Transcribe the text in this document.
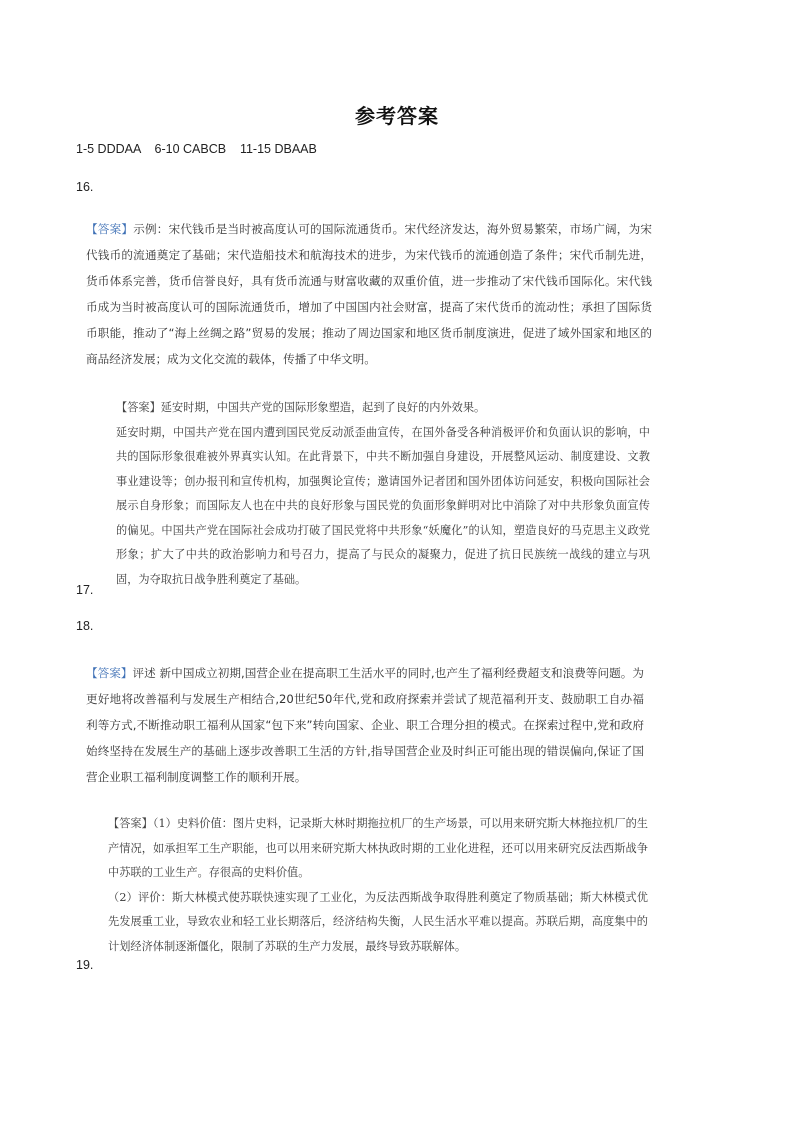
参考答案
1-5 DDDAA    6-10 CABCB    11-15 DBAAB
16.

【答案】示例：宋代钱币是当时被高度认可的国际流通货币。宋代经济发达，海外贸易繁荣，市场广阔，为宋代钱币的流通奠定了基础；宋代造船技术和航海技术的进步，为宋代钱币的流通创造了条件；宋代币制先进，货币体系完善，货币信誉良好，具有货币流通与财富收藏的双重价值，进一步推动了宋代钱币国际化。宋代钱币成为当时被高度认可的国际流通货币，增加了中国国内社会财富，提高了宋代货币的流动性；承担了国际货币职能，推动了“海上丝绸之路”贸易的发展；推动了周边国家和地区货币制度演进，促进了域外国家和地区的商品经济发展；成为文化交流的载体，传播了中华文明。

【答案】延安时期，中国共产党的国际形象塑造，起到了良好的内外效果。

延安时期，中国共产党在国内遭到国民党反动派歪曲宣传，在国外备受各种消极评价和负面认识的影响，中共的国际形象很难被外界真实认知。在此背景下，中共不断加强自身建设，开展整风运动、制度建设、文教事业建设等；创办报刊和宣传机构，加强舆论宣传；邀请国外记者团和国外团体访问延安，积极向国际社会展示自身形象；而国际友人也在中共的良好形象与国民党的负面形象鲜明对比中消除了对中共形象负面宣传的偏见。中国共产党在国际社会成功打破了国民党将中共形象“妖魔化”的认知，塑造良好的马克思主义政党形象；扩大了中共的政治影响力和号召力，提高了与民众的凝聚力，促进了抗日民族统一战线的建立与巩固，为夺取抗日战争胜利奠定了基础。

17.
18.

【答案】评述 新中国成立初期,国营企业在提高职工生活水平的同时,也产生了福利经费超支和浪费等问题。为更好地将改善福利与发展生产相结合,20世纪50年代,党和政府探索并尝试了规范福利开支、鼓励职工自办福利等方式,不断推动职工福利从国家“包下来”转向国家、企业、职工合理分担的模式。在探索过程中,党和政府始终坚持在发展生产的基础上逐步改善职工生活的方针,指导国营企业及时纠正可能出现的错误偏向,保证了国营企业职工福利制度调整工作的顺利开展。

【答案】（1）史料价值：图片史料，记录斯大林时期拖拉机厂的生产场景，可以用来研究斯大林拖拉机厂的生产情况，如承担军工生产职能，也可以用来研究斯大林执政时期的工业化进程，还可以用来研究反法西斯战争中苏联的工业生产。存很高的史料价值。

（2）评价：斯大林模式使苏联快速实现了工业化，为反法西斯战争取得胜利奠定了物质基础；斯大林模式优先发展重工业，导致农业和轻工业长期落后，经济结构失衡，人民生活水平难以提高。苏联后期，高度集中的计划经济体制逐渐僵化，限制了苏联的生产力发展，最终导致苏联解体。

19.
